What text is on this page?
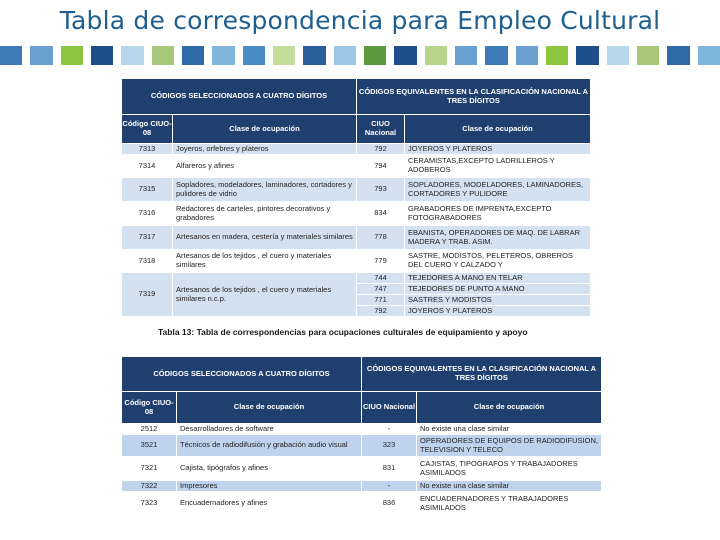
Tabla de correspondencia para Empleo Cultural
CÓDIGOS SELECCIONADOS A CUATRO DÍGITOS		CÓDIGOS EQUIVALENTES EN LA CLASIFICACIÓN NACIONAL A TRES DÍGITOS	
Código CIUO-08	Clase de ocupación	CIUO Nacional	Clase de ocupación
7313	Joyeros, orfebres y plateros	792	JOYEROS Y PLATEROS
7314	Alfareros y afines	794	CERAMISTAS,EXCEPTO LADRILLEROS Y ADOBEROS
7315	Sopladores, modeladores, laminadores, cortadores y pulidores de vidrio	793	SOPLADORES, MODELADORES, LAMINADORES, CORTADORES Y PULIDORE
7316	Redactores de carteles, pintores decorativos y grabadores	834	GRABADORES DE IMPRENTA,EXCEPTO FOTOGRABADORES
7317	Artesanos en madera, cestería y materiales similares	778	EBANISTA, OPERADORES DE MAQ. DE LABRAR MADERA Y TRAB. ASIM.
7318	Artesanos de los tejidos , el cuero y materiales similares	779	SASTRE, MODISTOS, PELETEROS, OBREROS DEL CUERO Y CALZADO Y
7319	Artesanos de los tejidos , el cuero y materiales similares n.c.p.	744	TEJEDORES A MANO EN TELAR
		747	TEJEDORES DE PUNTO A MANO
		771	SASTRES Y MODISTOS
		792	JOYEROS Y PLATEROS
Tabla 13: Tabla de correspondencias para ocupaciones culturales de equipamiento y apoyo
CÓDIGOS SELECCIONADOS A CUATRO DÍGITOS		CÓDIGOS EQUIVALENTES EN LA CLASIFICACIÓN NACIONAL A TRES DÍGITOS	
Código CIUO-08	Clase de ocupación	CIUO Nacional	Clase de ocupación
2512	Desarrolladores de software	-	No existe una clase similar
3521	Técnicos de radiodifusión y grabación audio visual	323	OPERADORES DE EQUIPOS DE RADIODIFUSION, TELEVISION Y TELECO
7321	Cajista, tipógrafos y afines	831	CAJISTAS, TIPOGRAFOS Y TRABAJADORES ASIMILADOS
7322	Impresores	-	No existe una clase similar
7323	Encuadernadores y afines	836	ENCUADERNADORES Y TRABAJADORES ASIMILADOS
